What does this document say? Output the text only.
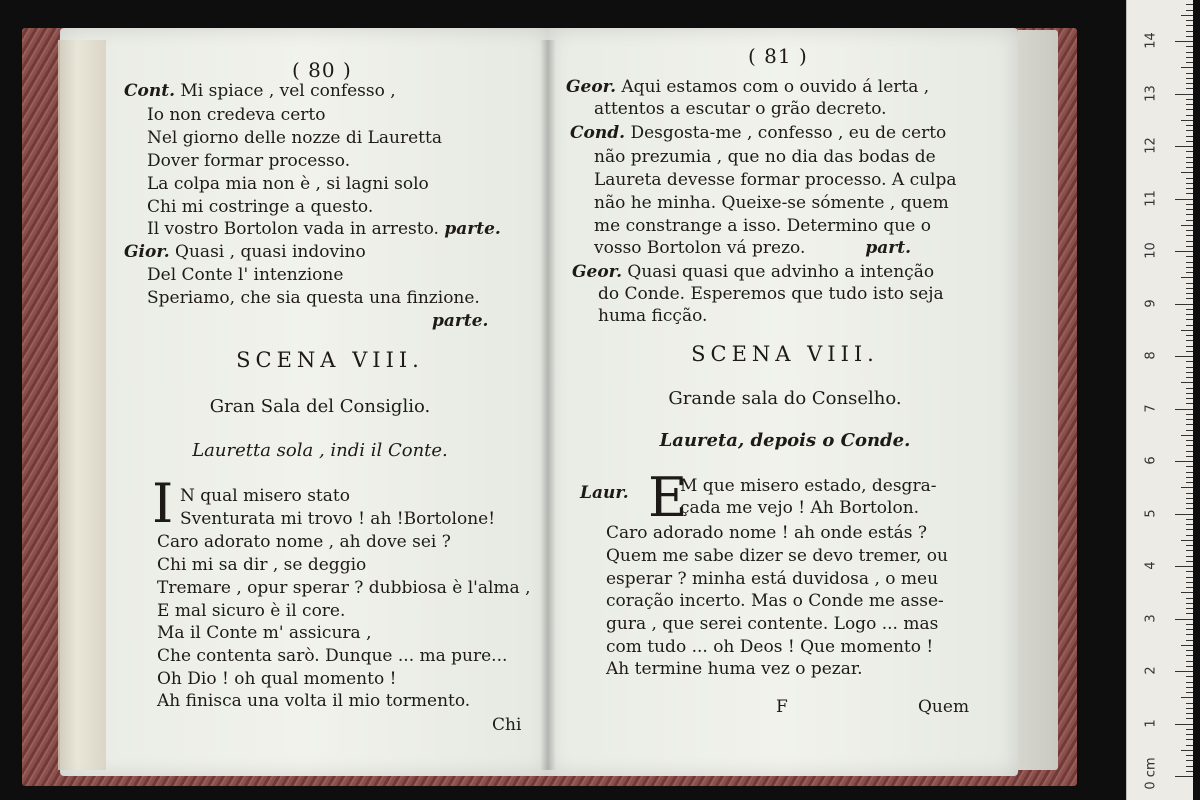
( 80 )
Cont. Mi spiace , vel confesso ,
Io non credeva certo
Nel giorno delle nozze di Lauretta
Dover formar processo.
La colpa mia non è , si lagni solo
Chi mi costringe a questo.
Il vostro Bortolon vada in arresto. parte.
Gior. Quasi , quasi indovino
Del Conte l' intenzione
Speriamo, che sia questa una finzione.
parte.
SCENA VIII.
Gran Sala del Consiglio.
Lauretta sola , indi il Conte.
I N qual misero stato
Sventurata mi trovo ! ah !Bortolone!
Caro adorato nome , ah dove sei ?
Chi mi sa dir , se deggio
Tremare , opur sperar ? dubbiosa è l'alma ,
E mal sicuro è il core.
Ma il Conte m' assicura ,
Che contenta sarò. Dunque ... ma pure...
Oh Dio ! oh qual momento !
Ah finisca una volta il mio tormento.
Chi
( 81 )
Geor. Aqui estamos com o ouvido á lerta ,
attentos a escutar o grão decreto.
Cond. Desgosta-me , confesso , eu de certo
não prezumia , que no dia das bodas de
Laureta devesse formar processo. A culpa
não he minha. Queixe-se sómente , quem
me constrange a isso. Determino que o
vosso Bortolon vá prezo.	part.
Geor. Quasi quasi que advinho a intenção
do Conde. Esperemos que tudo isto seja
huma ficção.
SCENA VIII.
Grande sala do Conselho.
Laureta, depois o Conde.
Laur. E
M que misero estado, desgra-
çada me vejo ! Ah Bortolon.
Caro adorado nome ! ah onde estás ?
Quem me sabe dizer se devo tremer, ou
esperar ? minha está duvidosa , o meu
coração incerto. Mas o Conde me asse-
gura , que serei contente. Logo ... mas
com tudo ... oh Deos ! Que momento !
Ah termine huma vez o pezar.
F	Quem
0 cm
1
2
3
4
5
6
7
8
9
10
11
12
13
14
